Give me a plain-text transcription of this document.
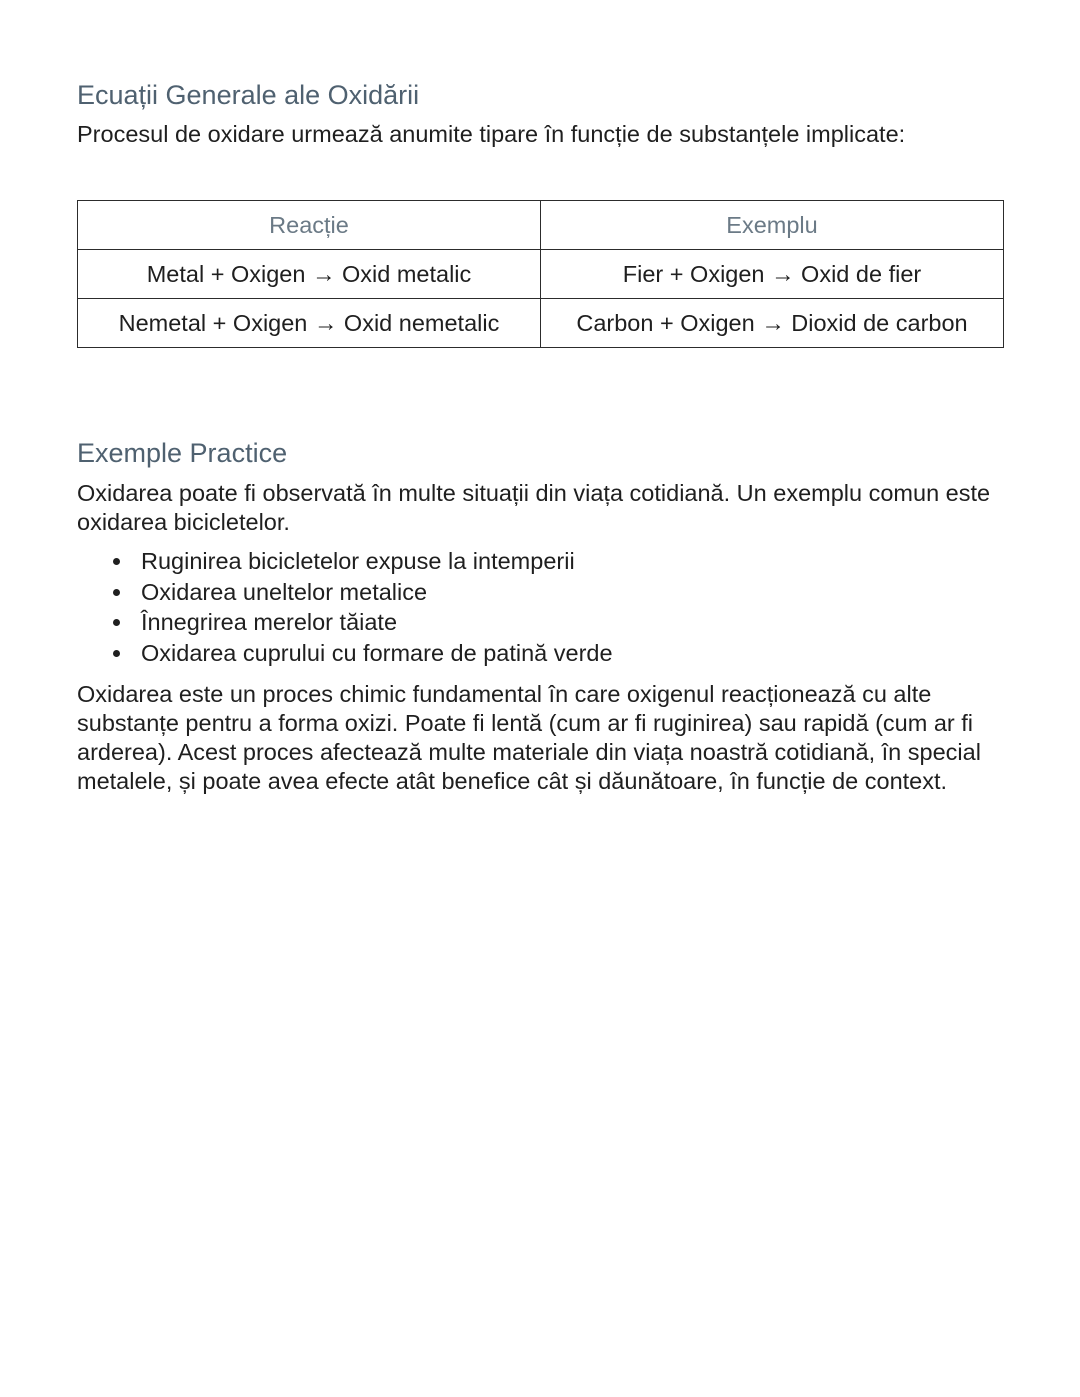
Ecuații Generale ale Oxidării

Procesul de oxidare urmează anumite tipare în funcție de substanțele implicate:

Reacție	Exemplu
Metal + Oxigen → Oxid metalic	Fier + Oxigen → Oxid de fier
Nemetal + Oxigen → Oxid nemetalic	Carbon + Oxigen → Dioxid de carbon
Exemple Practice

Oxidarea poate fi observată în multe situații din viața cotidiană. Un exemplu comun este oxidarea bicicletelor.

Ruginirea bicicletelor expuse la intemperii
Oxidarea uneltelor metalice
Înnegrirea merelor tăiate
Oxidarea cuprului cu formare de patină verde

Oxidarea este un proces chimic fundamental în care oxigenul reacționează cu alte substanțe pentru a forma oxizi. Poate fi lentă (cum ar fi ruginirea) sau rapidă (cum ar fi arderea). Acest proces afectează multe materiale din viața noastră cotidiană, în special metalele, și poate avea efecte atât benefice cât și dăunătoare, în funcție de context.
